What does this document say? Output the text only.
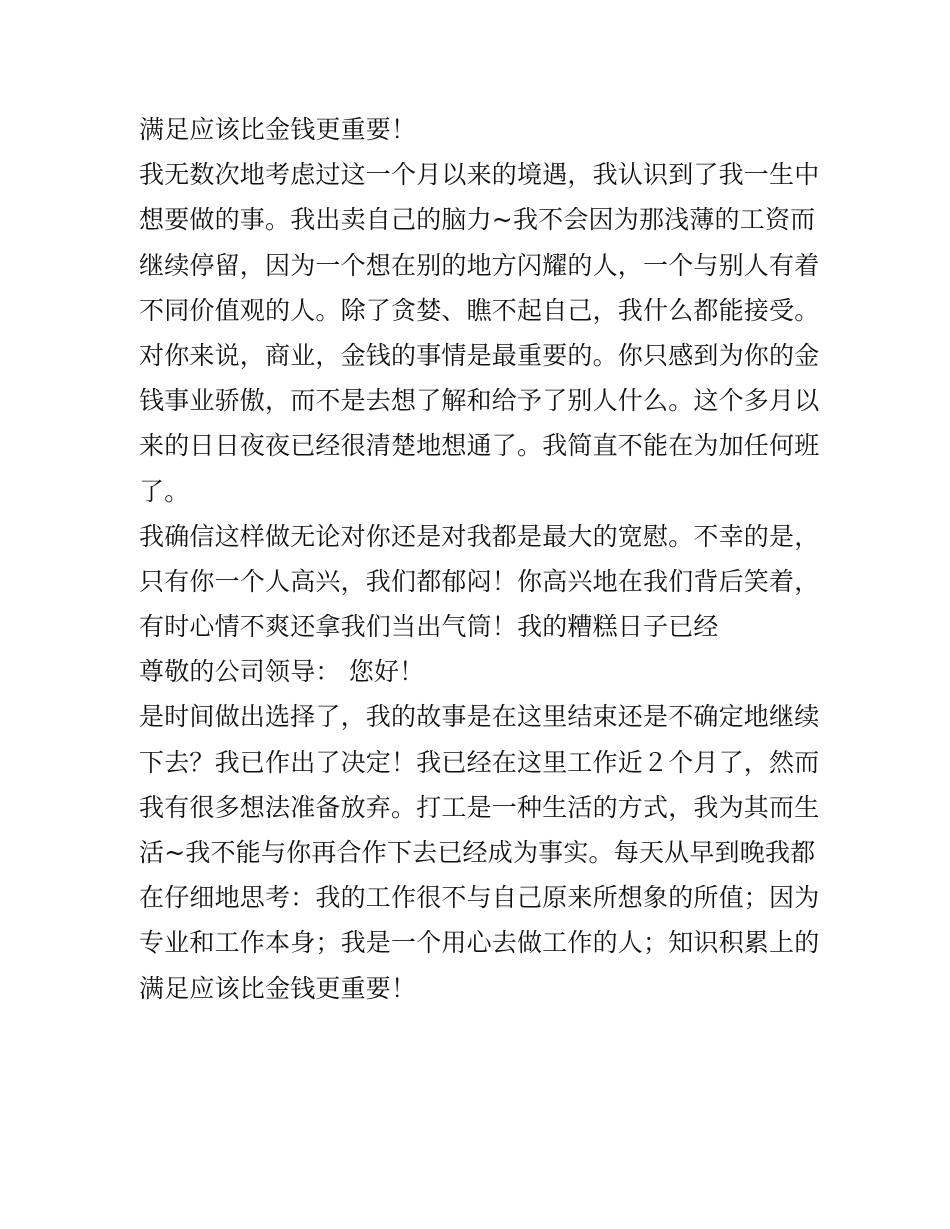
满足应该比金钱更重要！
我无数次地考虑过这一个月以来的境遇，我认识到了我一生中
想要做的事。我出卖自己的脑力~我不会因为那浅薄的工资而
继续停留，因为一个想在别的地方闪耀的人，一个与别人有着
不同价值观的人。除了贪婪、瞧不起自己，我什么都能接受。
对你来说，商业，金钱的事情是最重要的。你只感到为你的金
钱事业骄傲，而不是去想了解和给予了别人什么。这个多月以
来的日日夜夜已经很清楚地想通了。我简直不能在为加任何班
了。
我确信这样做无论对你还是对我都是最大的宽慰。不幸的是，
只有你一个人高兴，我们都郁闷！你高兴地在我们背后笑着，
有时心情不爽还拿我们当出气筒！我的糟糕日子已经
尊敬的公司领导： 您好！
是时间做出选择了，我的故事是在这里结束还是不确定地继续
下去？我已作出了决定！我已经在这里工作近２个月了，然而
我有很多想法准备放弃。打工是一种生活的方式，我为其而生
活~我不能与你再合作下去已经成为事实。每天从早到晚我都
在仔细地思考：我的工作很不与自己原来所想象的所值；因为
专业和工作本身；我是一个用心去做工作的人；知识积累上的
满足应该比金钱更重要！
